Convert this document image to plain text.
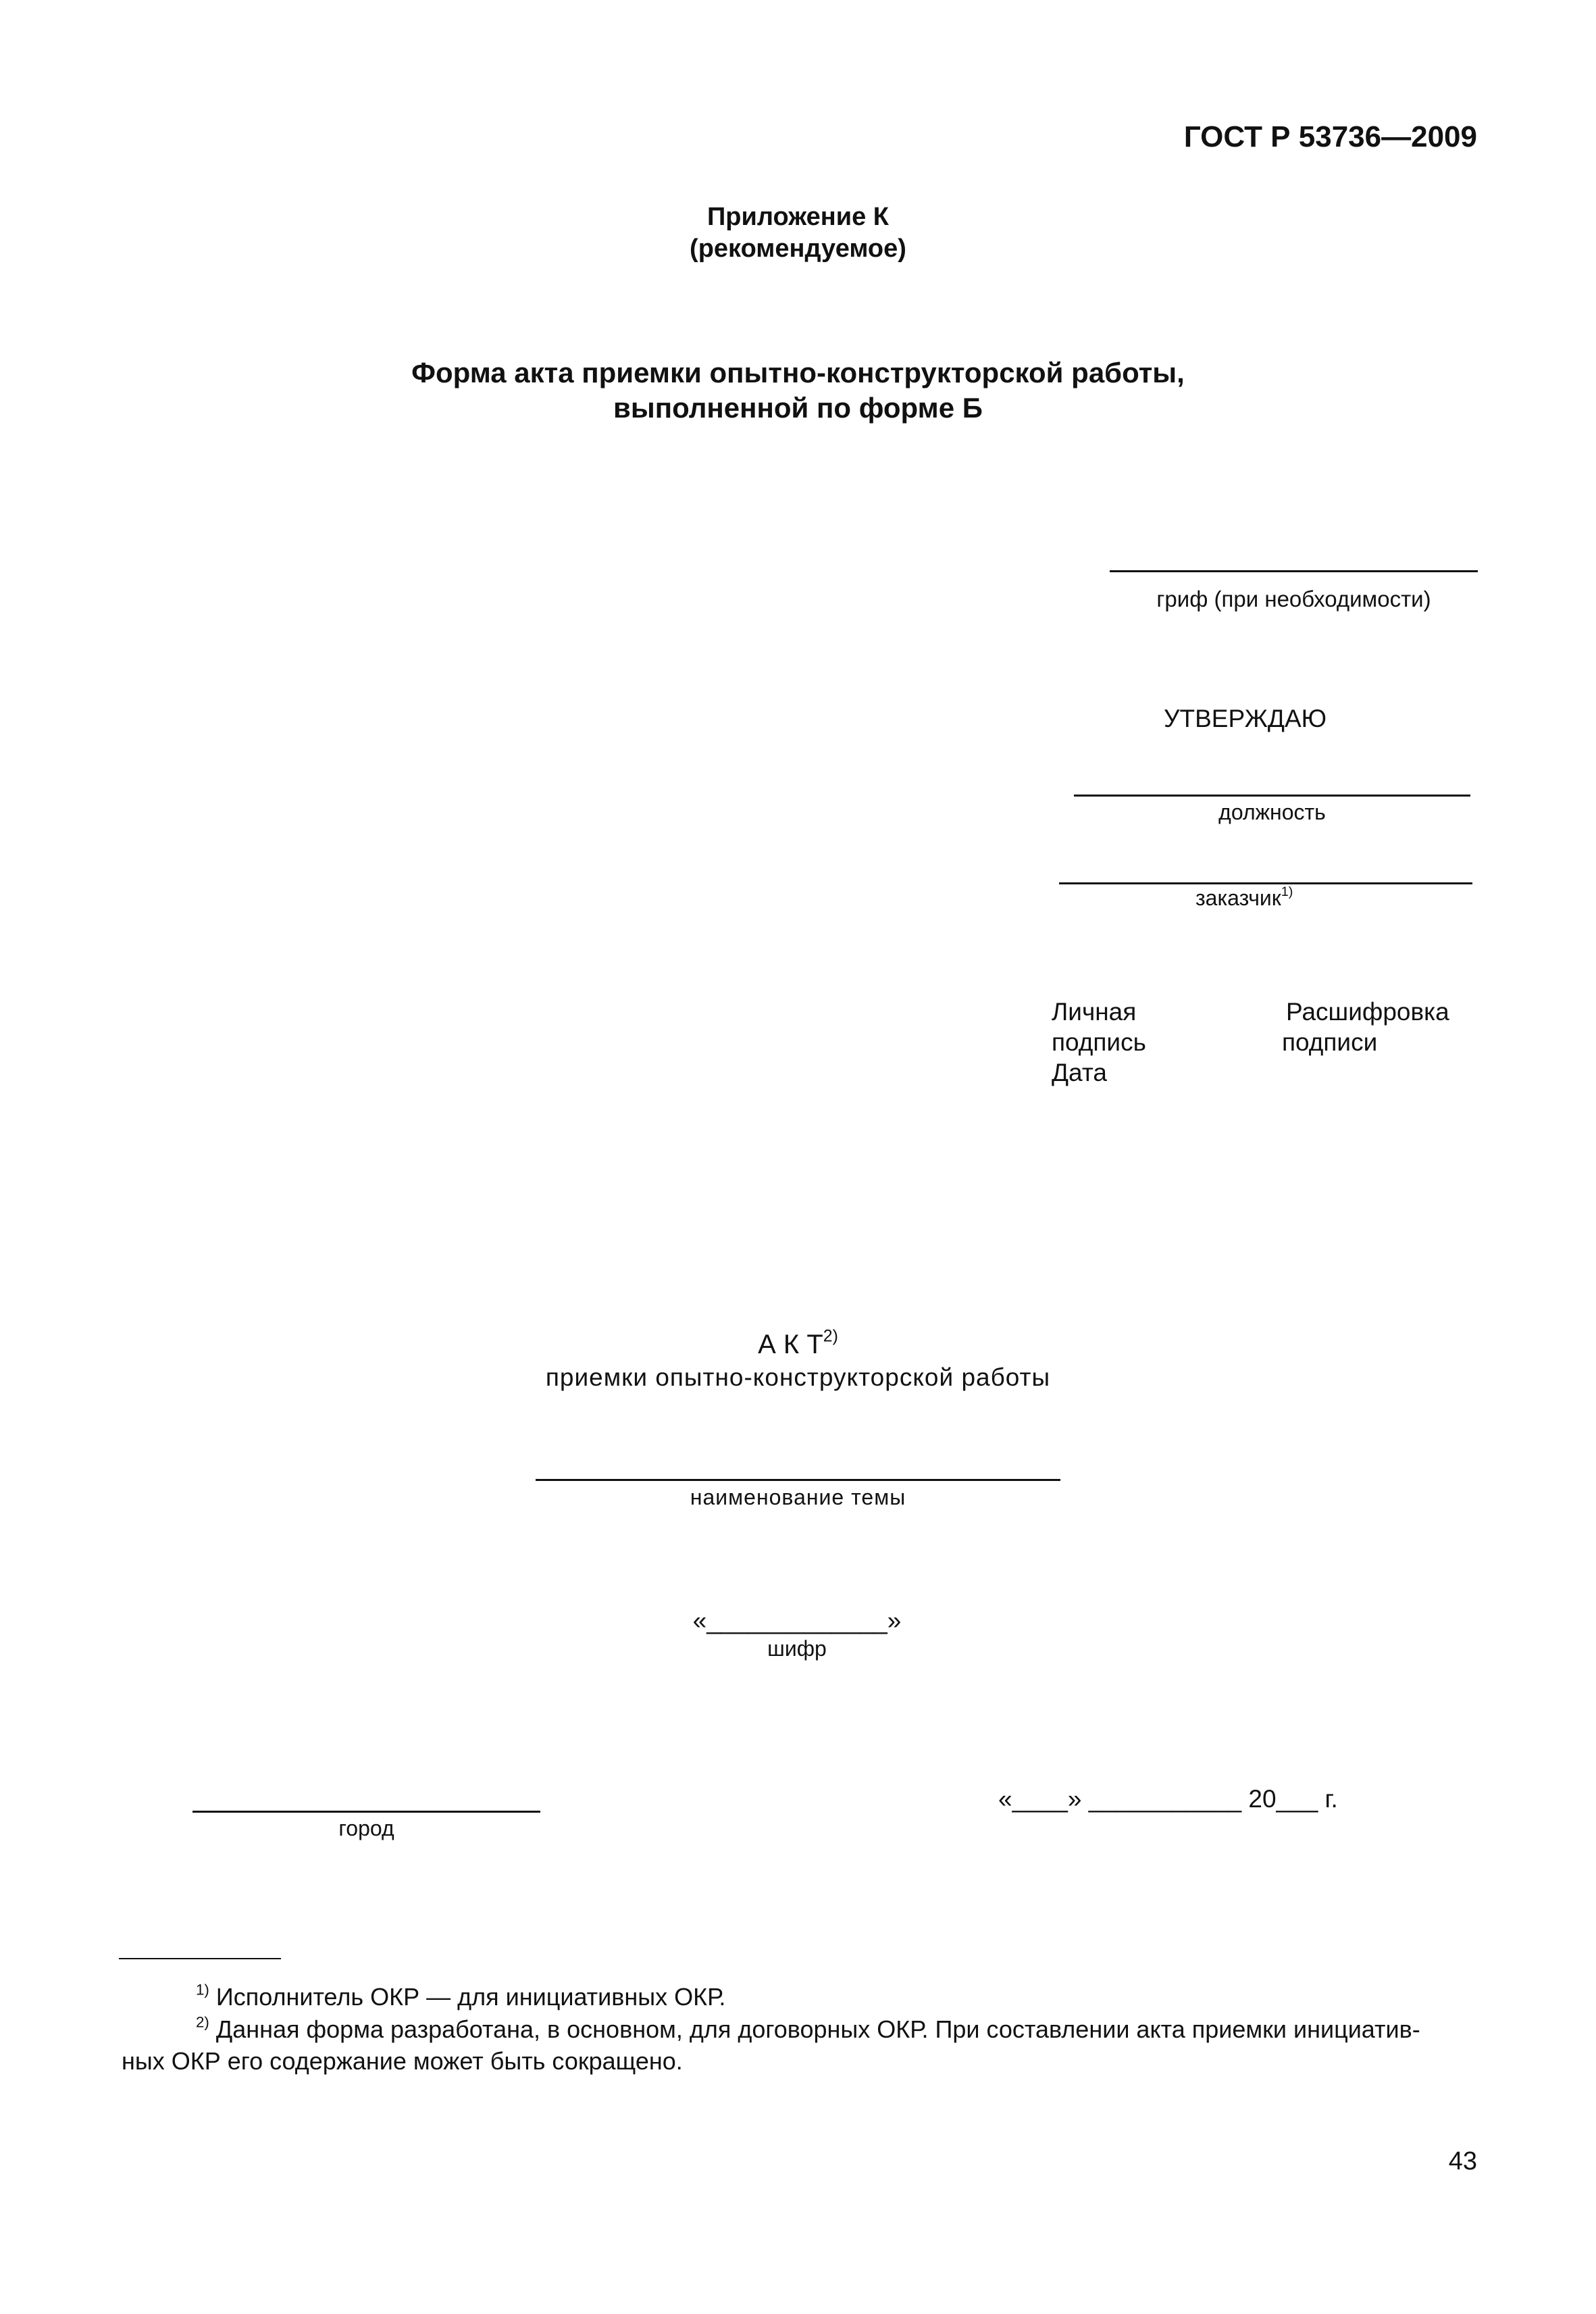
ГОСТ Р 53736—2009
Приложение К
(рекомендуемое)
Форма акта приемки опытно-конструкторской работы,
выполненной по форме Б
гриф (при необходимости)
УТВЕРЖДАЮ
должность
заказчик$^{1)}$
Личная
подпись
Дата
Расшифровка
подписи
А К $Т^{2)}$
приемки опытно-конструкторской работы
наименование темы
«_____________»
шифр
город
«____» ___________ 20___ г.
$^{1)}$ Исполнитель ОКР — для инициативных ОКР.
$^{2)}$ Данная форма разработана, в основном, для договорных ОКР. При составлении акта приемки инициатив-
ных ОКР его содержание может быть сокращено.
43
